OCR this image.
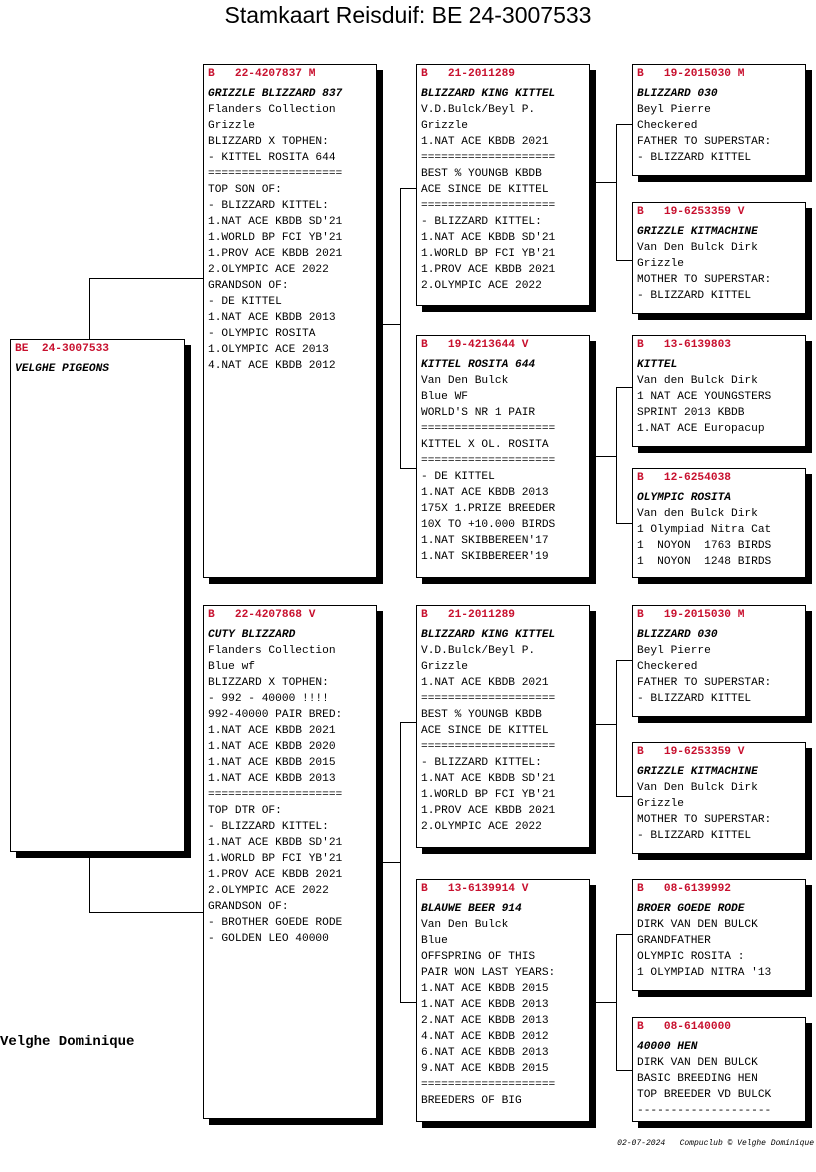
Stamkaart Reisduif: BE 24-3007533
BE  24-3007533
VELGHE PIGEONS
B   22-4207837 M
GRIZZLE BLIZZARD 837
Flanders Collection
Grizzle
BLIZZARD X TOPHEN:
- KITTEL ROSITA 644
====================
TOP SON OF:
- BLIZZARD KITTEL:
1.NAT ACE KBDB SD'21
1.WORLD BP FCI YB'21
1.PROV ACE KBDB 2021
2.OLYMPIC ACE 2022
GRANDSON OF:
- DE KITTEL
1.NAT ACE KBDB 2013
- OLYMPIC ROSITA
1.OLYMPIC ACE 2013
4.NAT ACE KBDB 2012
B   22-4207868 V
CUTY BLIZZARD
Flanders Collection
Blue wf
BLIZZARD X TOPHEN:
- 992 - 40000 !!!!
992-40000 PAIR BRED:
1.NAT ACE KBDB 2021
1.NAT ACE KBDB 2020
1.NAT ACE KBDB 2015
1.NAT ACE KBDB 2013
====================
TOP DTR OF:
- BLIZZARD KITTEL:
1.NAT ACE KBDB SD'21
1.WORLD BP FCI YB'21
1.PROV ACE KBDB 2021
2.OLYMPIC ACE 2022
GRANDSON OF:
- BROTHER GOEDE RODE
- GOLDEN LEO 40000
B   21-2011289
BLIZZARD KING KITTEL
V.D.Bulck/Beyl P.
Grizzle
1.NAT ACE KBDB 2021
====================
BEST % YOUNGB KBDB
ACE SINCE DE KITTEL
====================
- BLIZZARD KITTEL:
1.NAT ACE KBDB SD'21
1.WORLD BP FCI YB'21
1.PROV ACE KBDB 2021
2.OLYMPIC ACE 2022
B   19-4213644 V
KITTEL ROSITA 644
Van Den Bulck
Blue WF
WORLD'S NR 1 PAIR
====================
KITTEL X OL. ROSITA
====================
- DE KITTEL
1.NAT ACE KBDB 2013
175X 1.PRIZE BREEDER
10X TO +10.000 BIRDS
1.NAT SKIBBEREEN'17
1.NAT SKIBBEREER'19
B   21-2011289
BLIZZARD KING KITTEL
V.D.Bulck/Beyl P.
Grizzle
1.NAT ACE KBDB 2021
====================
BEST % YOUNGB KBDB
ACE SINCE DE KITTEL
====================
- BLIZZARD KITTEL:
1.NAT ACE KBDB SD'21
1.WORLD BP FCI YB'21
1.PROV ACE KBDB 2021
2.OLYMPIC ACE 2022
B   13-6139914 V
BLAUWE BEER 914
Van Den Bulck
Blue
OFFSPRING OF THIS
PAIR WON LAST YEARS:
1.NAT ACE KBDB 2015
1.NAT ACE KBDB 2013
2.NAT ACE KBDB 2013
4.NAT ACE KBDB 2012
6.NAT ACE KBDB 2013
9.NAT ACE KBDB 2015
====================
BREEDERS OF BIG
B   19-2015030 M
BLIZZARD 030
Beyl Pierre
Checkered
FATHER TO SUPERSTAR:
- BLIZZARD KITTEL
B   19-6253359 V
GRIZZLE KITMACHINE
Van Den Bulck Dirk
Grizzle
MOTHER TO SUPERSTAR:
- BLIZZARD KITTEL
B   13-6139803
KITTEL
Van den Bulck Dirk
1 NAT ACE YOUNGSTERS
SPRINT 2013 KBDB
1.NAT ACE Europacup
B   12-6254038
OLYMPIC ROSITA
Van den Bulck Dirk
1 Olympiad Nitra Cat
1  NOYON  1763 BIRDS
1  NOYON  1248 BIRDS
B   19-2015030 M
BLIZZARD 030
Beyl Pierre
Checkered
FATHER TO SUPERSTAR:
- BLIZZARD KITTEL
B   19-6253359 V
GRIZZLE KITMACHINE
Van Den Bulck Dirk
Grizzle
MOTHER TO SUPERSTAR:
- BLIZZARD KITTEL
B   08-6139992
BROER GOEDE RODE
DIRK VAN DEN BULCK
GRANDFATHER
OLYMPIC ROSITA :
1 OLYMPIAD NITRA '13
B   08-6140000
40000 HEN
DIRK VAN DEN BULCK
BASIC BREEDING HEN
TOP BREEDER VD BULCK
--------------------
Velghe Dominique
02-07-2024   Compuclub © Velghe Dominique
